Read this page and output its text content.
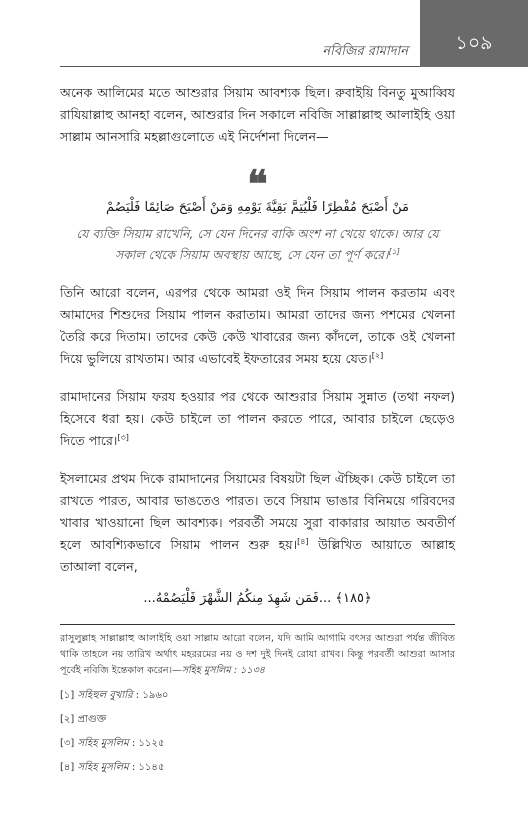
নবিজির রামাদান ১০৯

অনেক আলিমের মতে আশুরার সিয়াম আবশ্যক ছিল। রুবাইয়ি বিনতু মুআব্বিয রাযিয়াল্লাহু আনহা বলেন, আশুরার দিন সকালে নবিজি সাল্লাল্লাহু আলাইহি ওয়া সাল্লাম আনসারি মহল্লাগুলোতে এই নির্দেশনা দিলেন—

❝
مَنْ أَصْبَحَ مُفْطِرًا فَلْيُتِمَّ بَقِيَّةَ يَوْمِهِ وَمَنْ أَصْبَحَ صَائِمًا فَلْيَصُمْ
যে ব্যক্তি সিয়াম রাখেনি, সে যেন দিনের বাকি অংশ না খেয়ে থাকে। আর যে সকাল থেকে সিয়াম অবস্থায় আছে, সে যেন তা পূর্ণ করে।[১]

তিনি আরো বলেন, এরপর থেকে আমরা ওই দিন সিয়াম পালন করতাম এবং আমাদের শিশুদের সিয়াম পালন করাতাম। আমরা তাদের জন্য পশমের খেলনা তৈরি করে দিতাম। তাদের কেউ কেউ খাবারের জন্য কাঁদলে, তাকে ওই খেলনা দিয়ে ভুলিয়ে রাখতাম। আর এভাবেই ইফতারের সময় হয়ে যেত।[২]

রামাদানের সিয়াম ফরয হওয়ার পর থেকে আশুরার সিয়াম সুন্নাত (তথা নফল) হিসেবে ধরা হয়। কেউ চাইলে তা পালন করতে পারে, আবার চাইলে ছেড়েও দিতে পারে।[৩]

ইসলামের প্রথম দিকে রামাদানের সিয়ামের বিষয়টা ছিল ঐচ্ছিক। কেউ চাইলে তা রাখতে পারত, আবার ভাঙতেও পারত। তবে সিয়াম ভাঙার বিনিময়ে গরিবদের খাবার খাওয়ানো ছিল আবশ্যক। পরবর্তী সময়ে সুরা বাকারার আয়াত অবতীর্ণ হলে আবশ্যিকভাবে সিয়াম পালন শুরু হয়।[৪] উল্লিখিত আয়াতে আল্লাহ তাআলা বলেন,

﴿١٨٥﴾ ...فَمَن شَهِدَ مِنكُمُ الشَّهْرَ فَلْيَصُمْهُ...
রাসুলুল্লাহ সাল্লাল্লাহু আলাইহি ওয়া সাল্লাম আরো বলেন, যদি আমি আগামি বৎসর আশুরা পর্যন্ত জীবিত থাকি তাহলে নয় তারিখ অর্থাৎ মহররমের নয় ও দশ দুই দিনই রোযা রাখব। কিন্তু পরবর্তী আশুরা আসার পূর্বেই নবিজি ইন্তেকাল করেন।—সহিহ মুসলিম : ১১৩৪
[১] সহিহুল বুখারি : ১৯৬০
[২] প্রাগুক্ত
[৩] সহিহ মুসলিম : ১১২৫
[৪] সহিহ মুসলিম : ১১৪৫
